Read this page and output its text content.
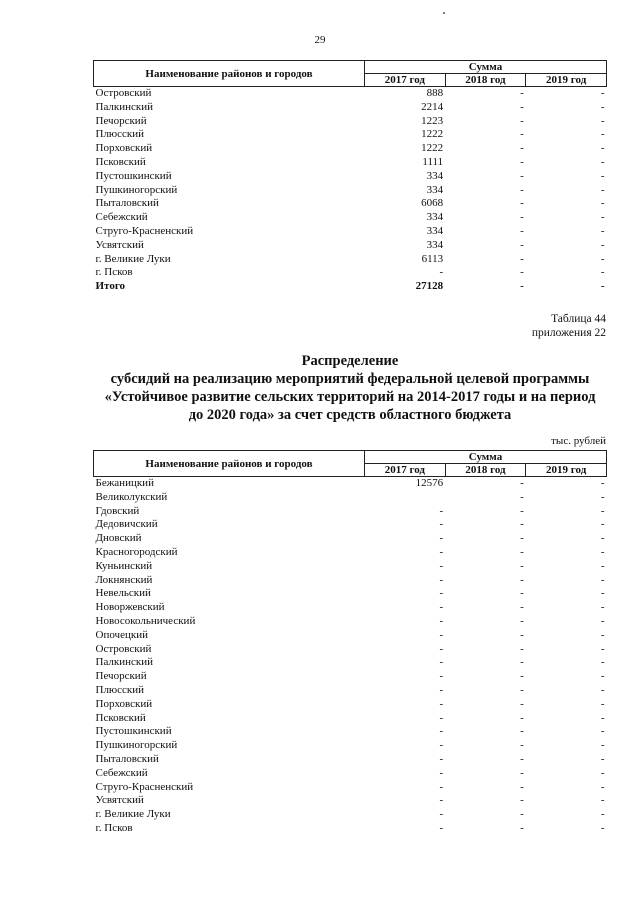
29
Наименование районов и городов	Сумма		
	2017 год	2018 год	2019 год
Островский	888	-	-
Палкинский	2214	-	-
Печорский	1223	-	-
Плюсский	1222	-	-
Порховский	1222	-	-
Псковский	1111	-	-
Пустошкинский	334	-	-
Пушкиногорский	334	-	-
Пыталовский	6068	-	-
Себежский	334	-	-
Струго-Красненский	334	-	-
Усвятский	334	-	-
г. Великие Луки	6113	-	-
г. Псков	-	-	-
Итого	27128	-	-
Таблица 44
приложения 22
Распределение
субсидий на реализацию мероприятий федеральной целевой программы
«Устойчивое развитие сельских территорий на 2014-2017 годы и на период
до 2020 года» за счет средств областного бюджета
тыс. рублей
Наименование районов и городов	Сумма		
	2017 год	2018 год	2019 год
Бежаницкий	12576	-	-
Великолукский		-	-
Гдовский	-	-	-
Дедовичский	-	-	-
Дновский	-	-	-
Красногородский	-	-	-
Куньинский	-	-	-
Локнянский	-	-	-
Невельский	-	-	-
Новоржевский	-	-	-
Новосокольнический	-	-	-
Опочецкий	-	-	-
Островский	-	-	-
Палкинский	-	-	-
Печорский	-	-	-
Плюсский	-	-	-
Порховский	-	-	-
Псковский	-	-	-
Пустошкинский	-	-	-
Пушкиногорский	-	-	-
Пыталовский	-	-	-
Себежский	-	-	-
Струго-Красненский	-	-	-
Усвятский	-	-	-
г. Великие Луки	-	-	-
г. Псков	-	-	-
